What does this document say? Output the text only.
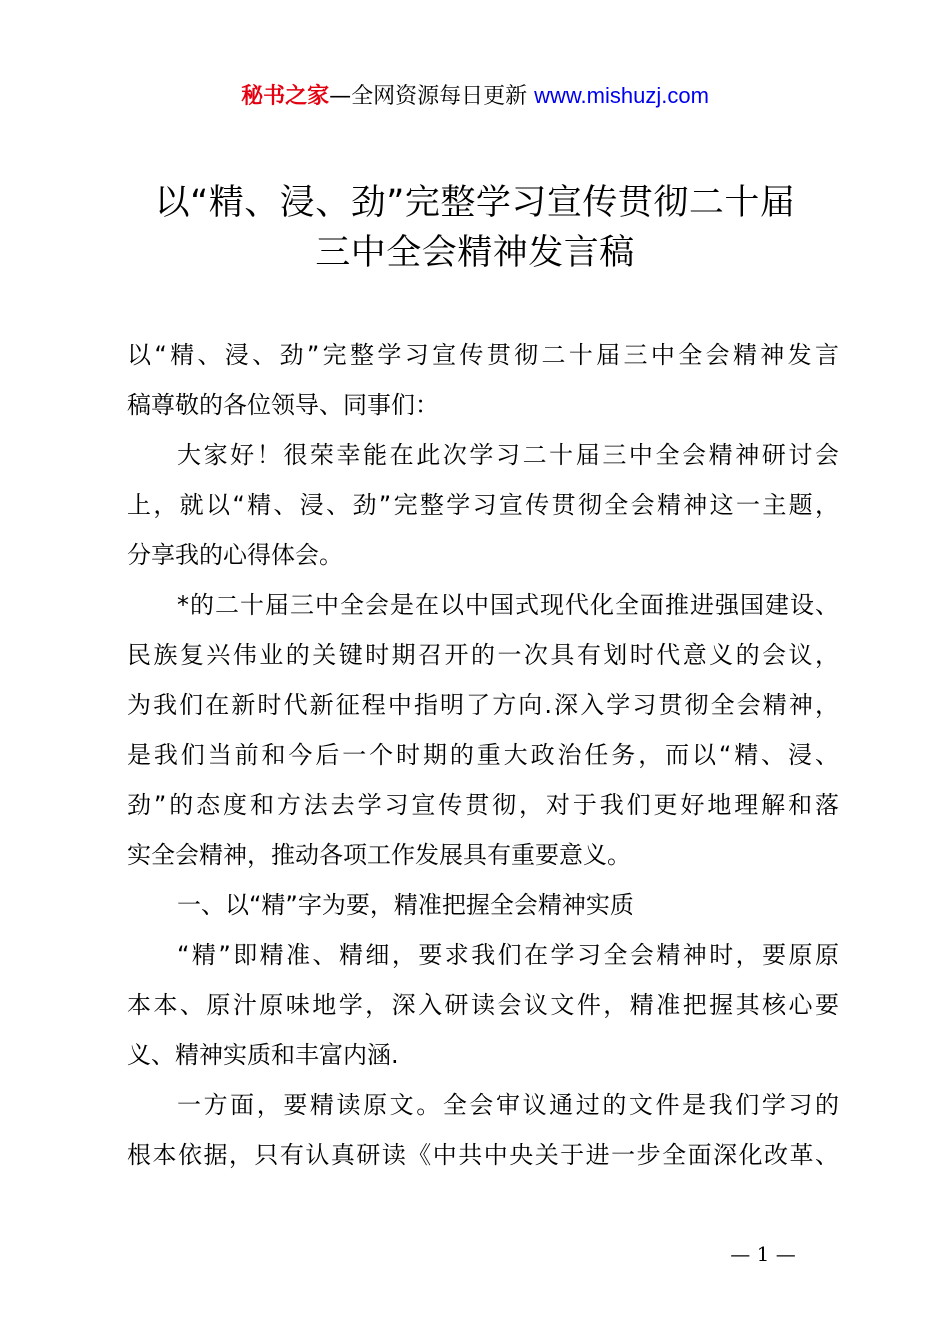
秘书之家—全网资源每日更新 www.mishuzj.com
以“精、浸、劲”完整学习宣传贯彻二十届
三中全会精神发言稿
以“精、浸、劲”完整学习宣传贯彻二十届三中全会精神发言
稿尊敬的各位领导、同事们：
大家好！很荣幸能在此次学习二十届三中全会精神研讨会
上，就以“精、浸、劲”完整学习宣传贯彻全会精神这一主题，
分享我的心得体会。
*的二十届三中全会是在以中国式现代化全面推进强国建设、
民族复兴伟业的关键时期召开的一次具有划时代意义的会议，
为我们在新时代新征程中指明了方向.深入学习贯彻全会精神，
是我们当前和今后一个时期的重大政治任务，而以“精、浸、
劲”的态度和方法去学习宣传贯彻，对于我们更好地理解和落
实全会精神，推动各项工作发展具有重要意义。
一、以“精”字为要，精准把握全会精神实质
“精”即精准、精细，要求我们在学习全会精神时，要原原
本本、原汁原味地学，深入研读会议文件，精准把握其核心要
义、精神实质和丰富内涵.
一方面，要精读原文。全会审议通过的文件是我们学习的
根本依据，只有认真研读《中共中央关于进一步全面深化改革、
— 1 —
